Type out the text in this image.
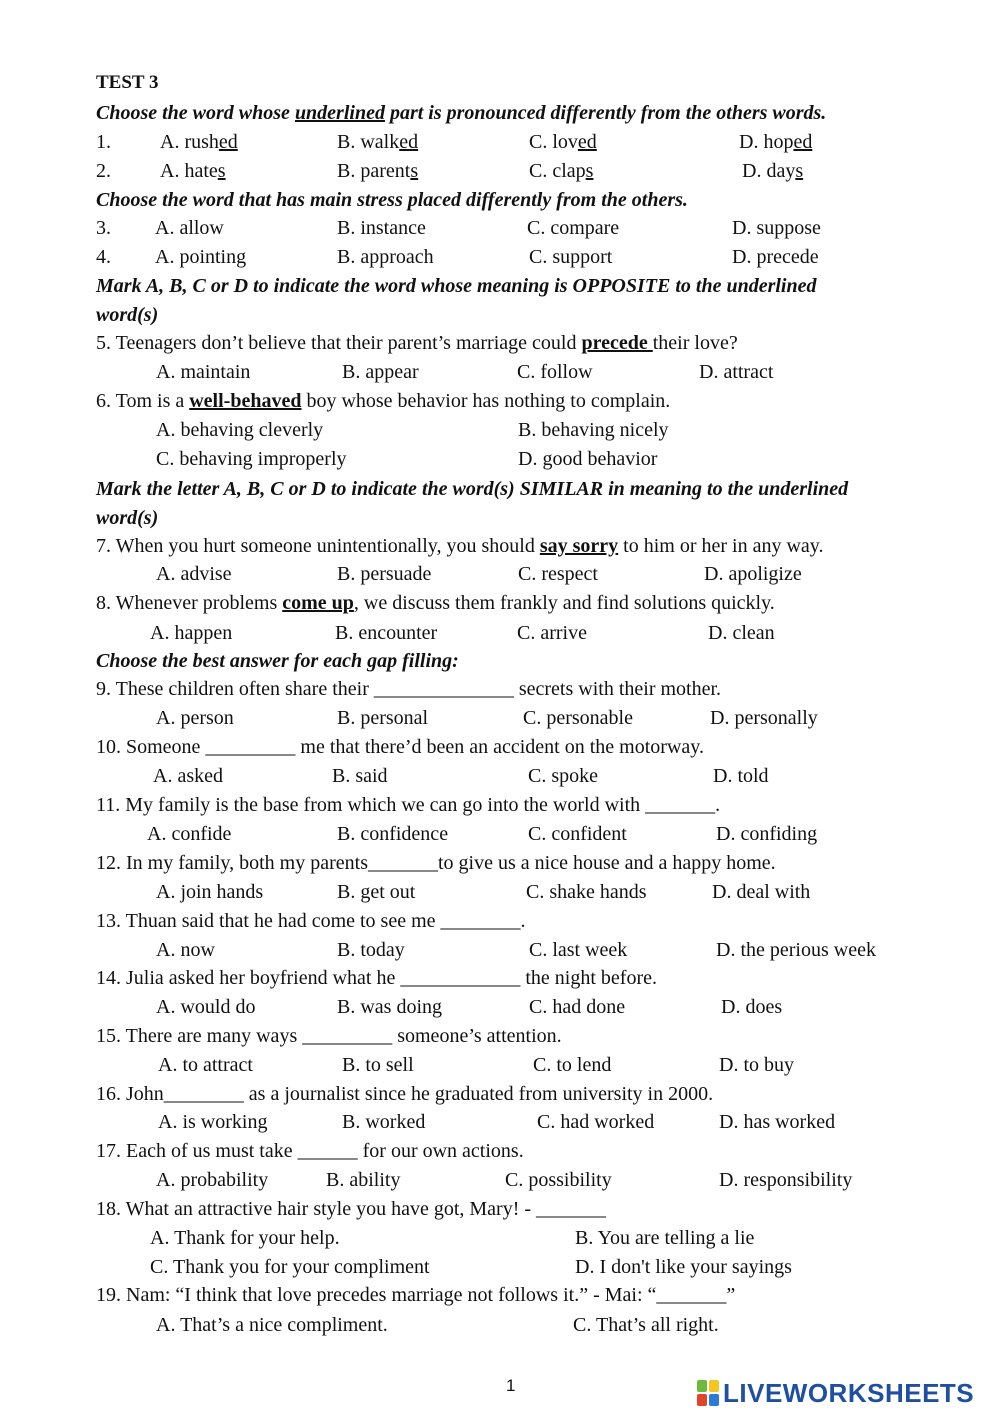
TEST 3
Choose the word whose underlined part is pronounced differently from the others words.
1. A. rushed	B. walked	C. loved	D. hoped
2. A. hates	B. parents	C. claps	D. days
Choose the word that has main stress placed differently from the others.
3. A. allow	B. instance	C. compare	D. suppose
4. A. pointing	B. approach	C. support	D. precede
Mark A, B, C or D to indicate the word whose meaning is OPPOSITE to the underlined
word(s)
5. Teenagers don’t believe that their parent’s marriage could precede their love?
A. maintain	B. appear	C. follow	D. attract
6. Tom is a well-behaved boy whose behavior has nothing to complain.
A. behaving cleverly	B. behaving nicely
C. behaving improperly	D. good behavior
Mark the letter A, B, C or D to indicate the word(s) SIMILAR in meaning to the underlined
word(s)
7. When you hurt someone unintentionally, you should say sorry to him or her in any way.
A. advise	B. persuade	C. respect	D. apoligize
8. Whenever problems come up, we discuss them frankly and find solutions quickly.
A. happen	B. encounter	C. arrive	D. clean
Choose the best answer for each gap filling:
9. These children often share their ______________ secrets with their mother.
A. person	B. personal	C. personable	D. personally
10. Someone _________ me that there’d been an accident on the motorway.
A. asked	B. said	C. spoke	D. told
11. My family is the base from which we can go into the world with _______.
A. confide	B. confidence	C. confident	D. confiding
12. In my family, both my parents_______to give us a nice house and a happy home.
A. join hands	B. get out	C. shake hands	D. deal with
13. Thuan said that he had come to see me ________.
A. now	B. today	C. last week	D. the perious week
14. Julia asked her boyfriend what he ____________ the night before.
A. would do	B. was doing	C. had done	D. does
15. There are many ways _________ someone’s attention.
A. to attract	B. to sell	C. to lend	D. to buy
16. John________ as a journalist since he graduated from university in 2000.
A. is working	B. worked	C. had worked	D. has worked
17. Each of us must take ______ for our own actions.
A. probability	B. ability	C. possibility	D. responsibility
18. What an attractive hair style you have got, Mary! - _______
A. Thank for your help.	B. You are telling a lie
C. Thank you for your compliment	D. I don't like your sayings
19. Nam: “I think that love precedes marriage not follows it.” - Mai: “_______”
A. That’s a nice compliment.	C. That’s all right.
1	LIVEWORKSHEETS
